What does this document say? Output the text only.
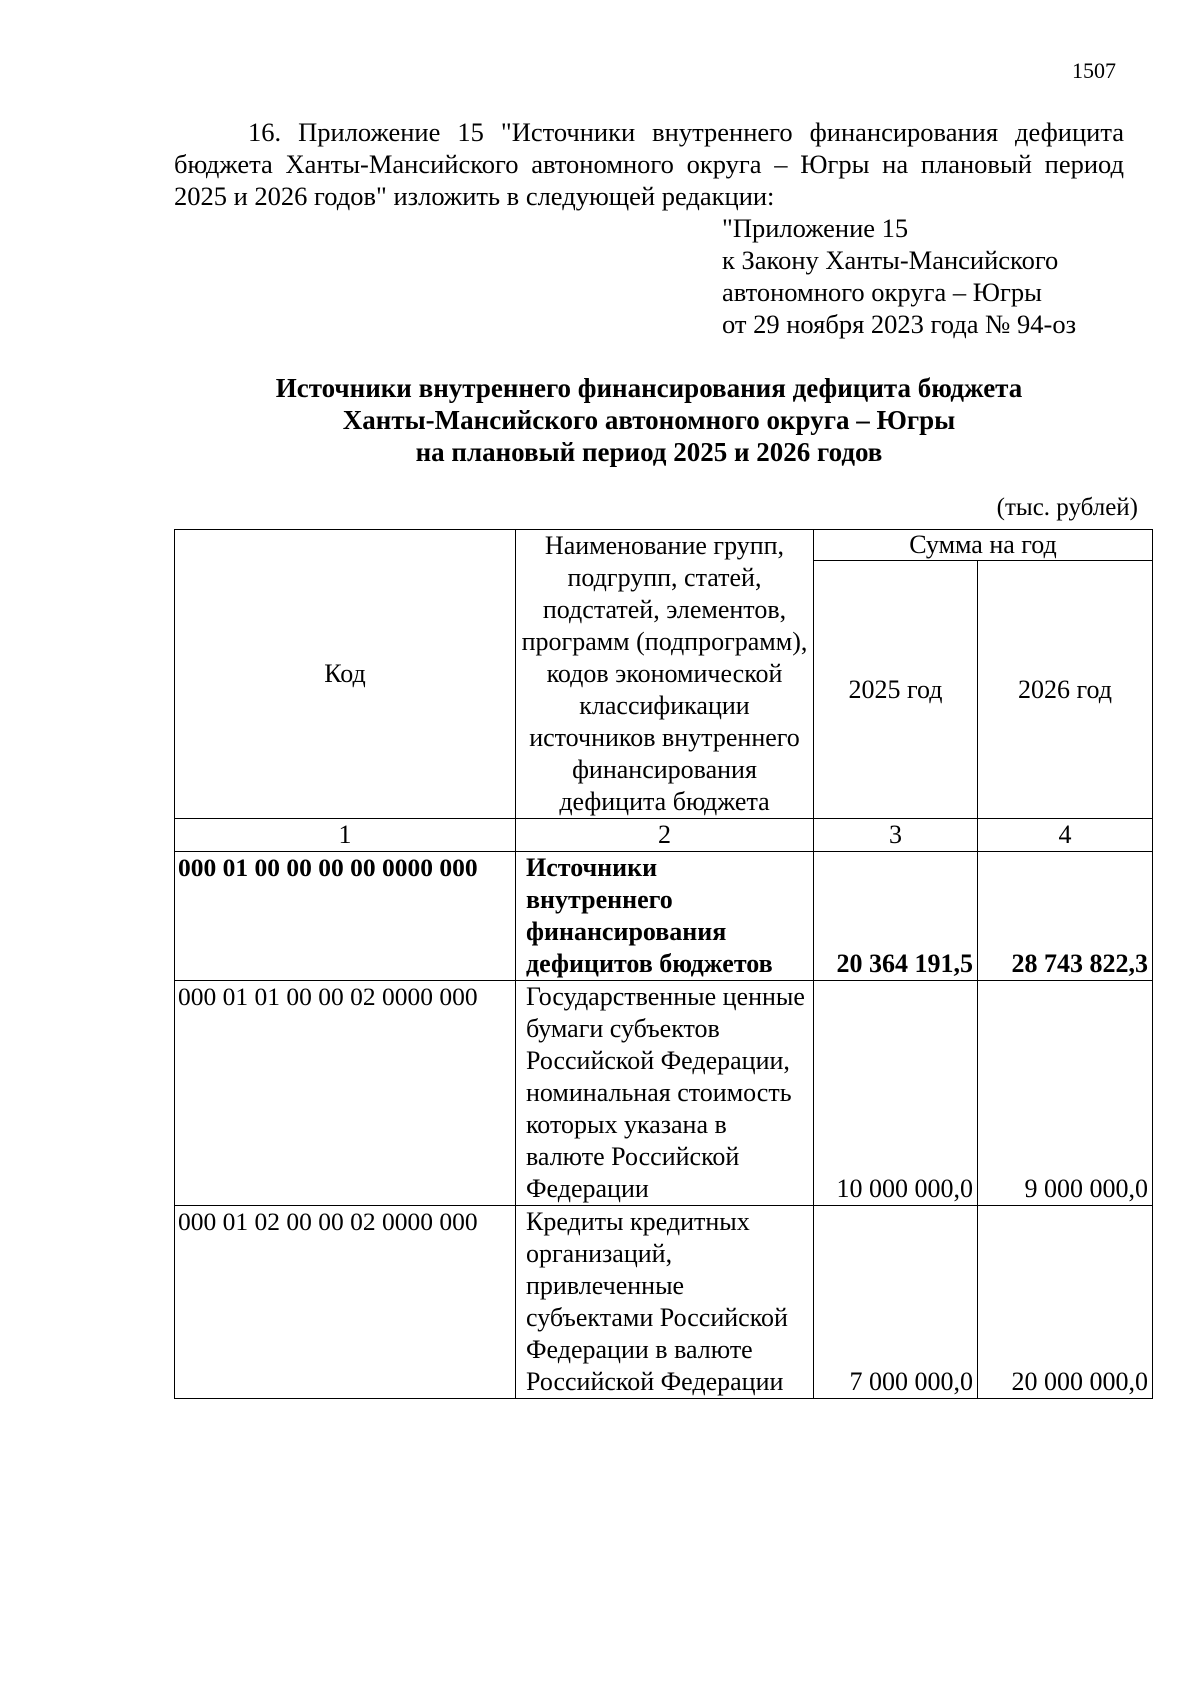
1507
16. Приложение 15 "Источники внутреннего финансирования дефицита бюджета Ханты-Мансийского автономного округа – Югры на плановый период 2025 и 2026 годов" изложить в следующей редакции:
"Приложение 15
к Закону Ханты-Мансийского
автономного округа – Югры
от 29 ноября 2023 года № 94-оз
Источники внутреннего финансирования дефицита бюджета
Ханты-Мансийского автономного округа – Югры
на плановый период 2025 и 2026 годов
(тыс. рублей)
Код	Наименование групп, подгрупп, статей, подстатей, элементов, программ (подпрограмм), кодов экономической классификации источников внутреннего финансирования дефицита бюджета	Сумма на год	
		2025 год	2026 год
1	2	3	4
000 01 00 00 00 00 0000 000	Источники внутреннего финансирования дефицитов бюджетов	20 364 191,5	28 743 822,3
000 01 01 00 00 02 0000 000	Государственные ценные бумаги субъектов Российской Федерации, номинальная стоимость которых указана в валюте Российской Федерации	10 000 000,0	9 000 000,0
000 01 02 00 00 02 0000 000	Кредиты кредитных организаций, привлеченные субъектами Российской Федерации в валюте Российской Федерации	7 000 000,0	20 000 000,0
